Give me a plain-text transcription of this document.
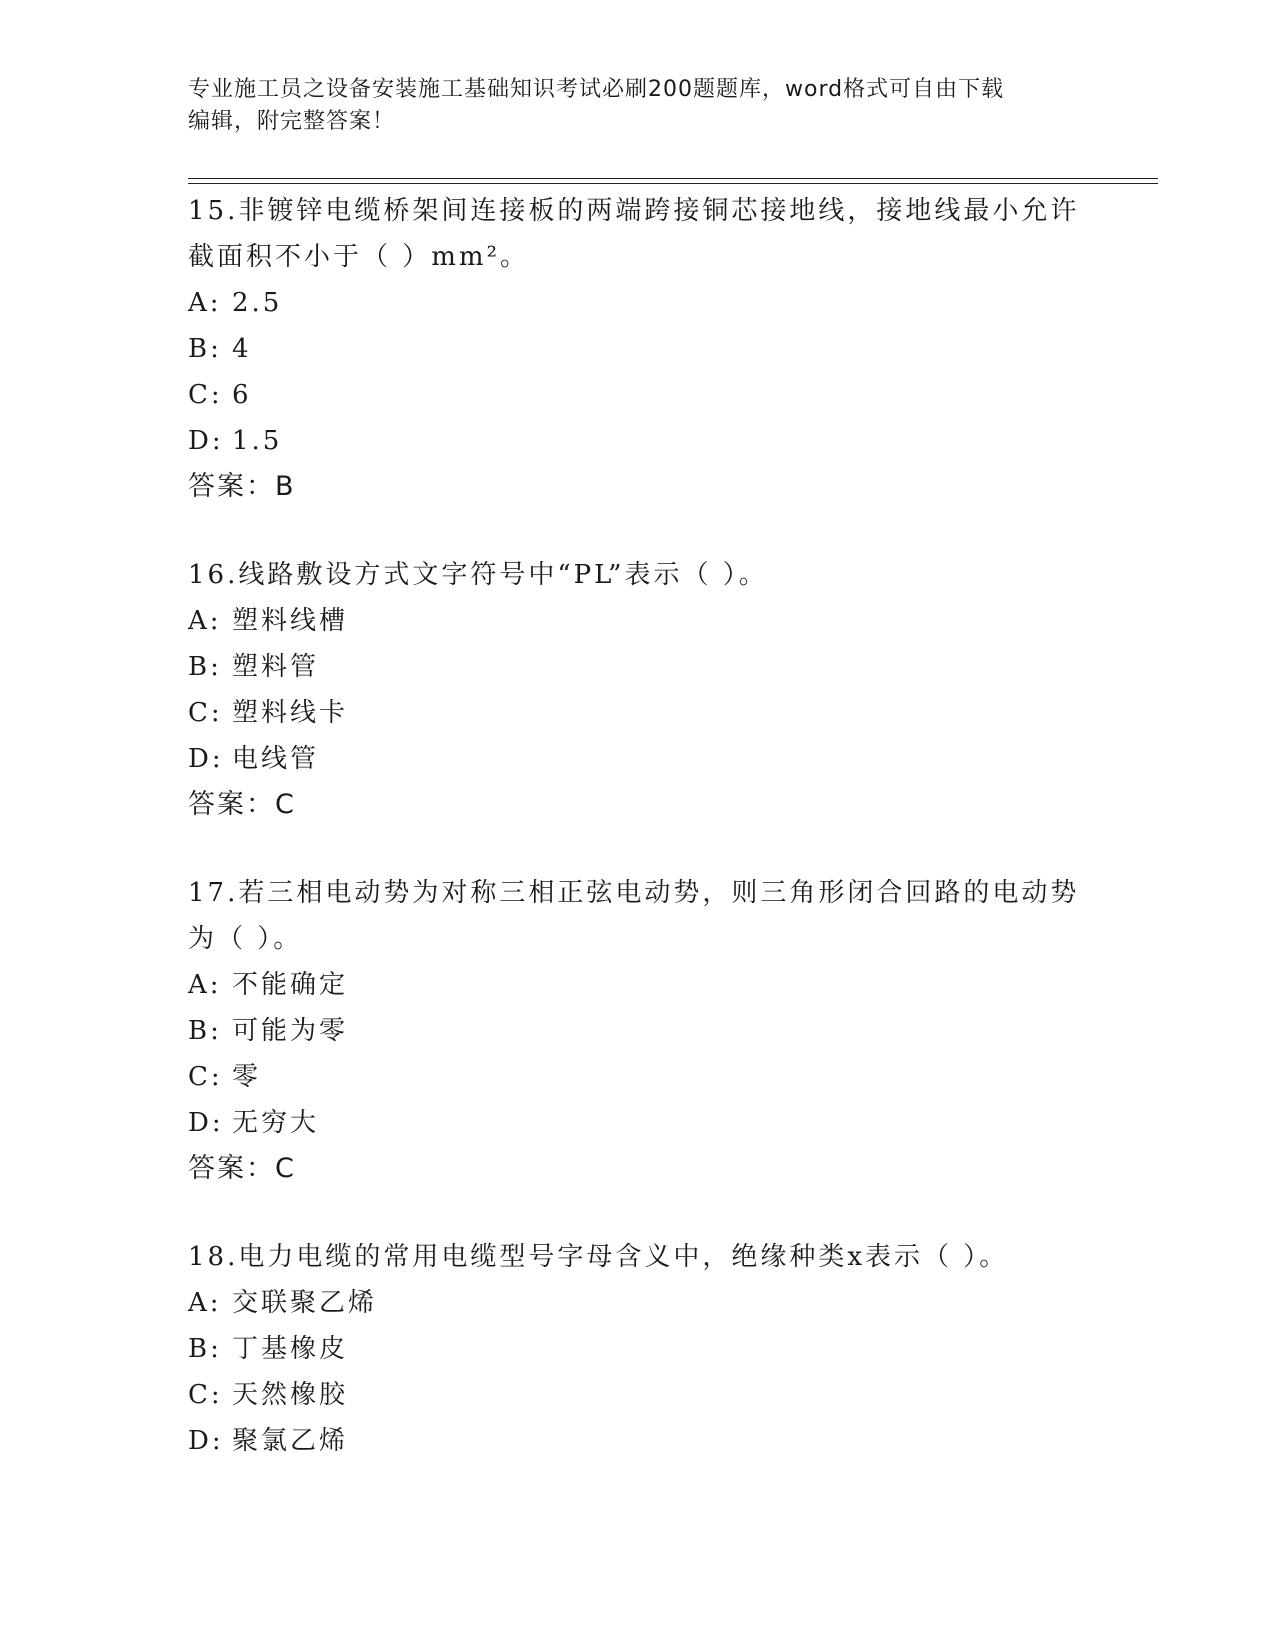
专业施工员之设备安装施工基础知识考试必刷200题题库，word格式可自由下载
编辑，附完整答案！
15.非镀锌电缆桥架间连接板的两端跨接铜芯接地线，接地线最小允许
截面积不小于（ ）mm²。
A: 2.5
B: 4
C: 6
D: 1.5
答案：B
16.线路敷设方式文字符号中“PL”表示（ ）。
A: 塑料线槽
B: 塑料管
C: 塑料线卡
D: 电线管
答案：C
17.若三相电动势为对称三相正弦电动势，则三角形闭合回路的电动势
为（ ）。
A: 不能确定
B: 可能为零
C: 零
D: 无穷大
答案：C
18.电力电缆的常用电缆型号字母含义中，绝缘种类x表示（ ）。
A: 交联聚乙烯
B: 丁基橡皮
C: 天然橡胶
D: 聚氯乙烯
